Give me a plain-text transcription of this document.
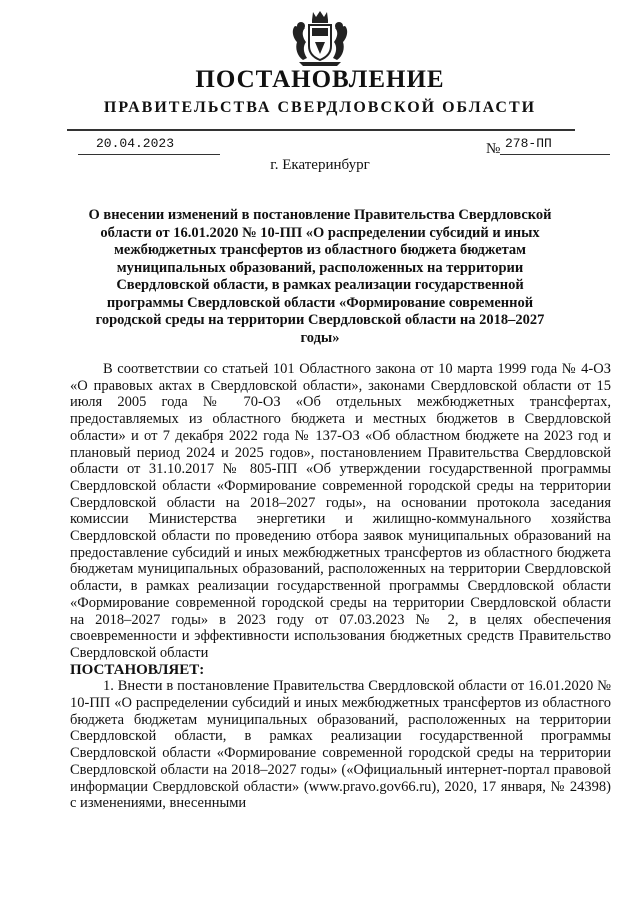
ПОСТАНОВЛЕНИЕ
ПРАВИТЕЛЬСТВА СВЕРДЛОВСКОЙ ОБЛАСТИ
20.04.2023	№ 278-ПП
г. Екатеринбург
О внесении изменений в постановление Правительства Свердловской области от 16.01.2020 № 10-ПП «О распределении субсидий и иных межбюджетных трансфертов из областного бюджета бюджетам муниципальных образований, расположенных на территории Свердловской области, в рамках реализации государственной программы Свердловской области «Формирование современной городской среды на территории Свердловской области на 2018–2027 годы»

В соответствии со статьей 101 Областного закона от 10 марта 1999 года № 4-ОЗ «О правовых актах в Свердловской области», законами Свердловской области от 15 июля 2005 года № 70-ОЗ «Об отдельных межбюджетных трансфертах, предоставляемых из областного бюджета и местных бюджетов в Свердловской области» и от 7 декабря 2022 года № 137-ОЗ «Об областном бюджете на 2023 год и плановый период 2024 и 2025 годов», постановлением Правительства Свердловской области от 31.10.2017 № 805-ПП «Об утверждении государственной программы Свердловской области «Формирование современной городской среды на территории Свердловской области на 2018–2027 годы», на основании протокола заседания комиссии Министерства энергетики и жилищно-коммунального хозяйства Свердловской области по проведению отбора заявок муниципальных образований на предоставление субсидий и иных межбюджетных трансфертов из областного бюджета бюджетам муниципальных образований, расположенных на территории Свердловской области, в рамках реализации государственной программы Свердловской области «Формирование современной городской среды на территории Свердловской области на 2018–2027 годы» в 2023 году от 07.03.2023 № 2, в целях обеспечения своевременности и эффективности использования бюджетных средств Правительство Свердловской области

ПОСТАНОВЛЯЕТ:

1. Внести в постановление Правительства Свердловской области от 16.01.2020 № 10-ПП «О распределении субсидий и иных межбюджетных трансфертов из областного бюджета бюджетам муниципальных образований, расположенных на территории Свердловской области, в рамках реализации государственной программы Свердловской области «Формирование современной городской среды на территории Свердловской области на 2018–2027 годы» («Официальный интернет-портал правовой информации Свердловской области» (www.pravo.gov66.ru), 2020, 17 января, № 24398) с изменениями, внесенными
